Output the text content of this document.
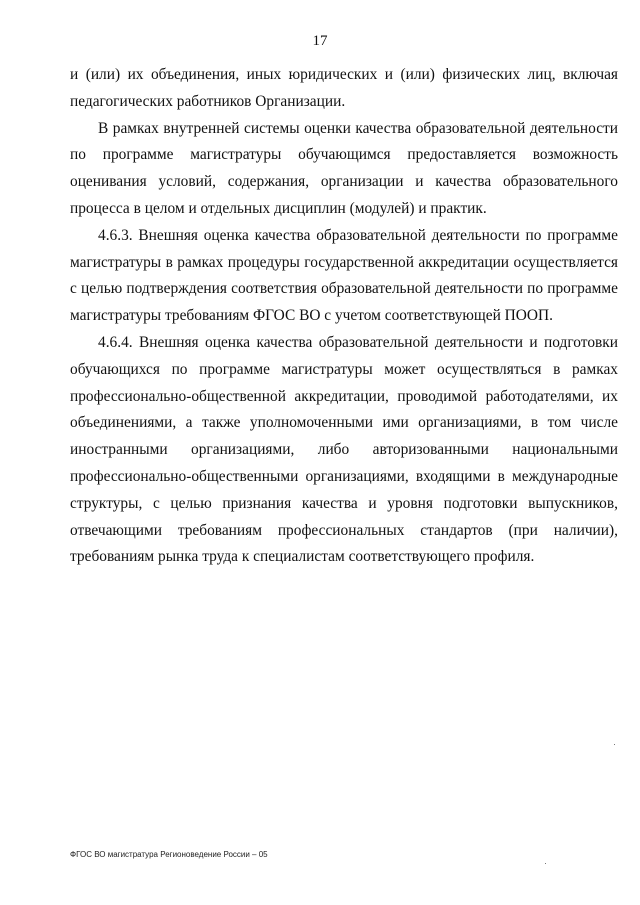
17

и (или) их объединения, иных юридических и (или) физических лиц, включая педагогических работников Организации.

В рамках внутренней системы оценки качества образовательной деятельности по программе магистратуры обучающимся предоставляется возможность оценивания условий, содержания, организации и качества образовательного процесса в целом и отдельных дисциплин (модулей) и практик.

4.6.3. Внешняя оценка качества образовательной деятельности по программе магистратуры в рамках процедуры государственной аккредитации осуществляется с целью подтверждения соответствия образовательной деятельности по программе магистратуры требованиям ФГОС ВО с учетом соответствующей ПООП.

4.6.4. Внешняя оценка качества образовательной деятельности и подготовки обучающихся по программе магистратуры может осуществляться в рамках профессионально-общественной аккредитации, проводимой работодателями, их объединениями, а также уполномоченными ими организациями, в том числе иностранными организациями, либо авторизованными национальными профессионально-общественными организациями, входящими в международные структуры, с целью признания качества и уровня подготовки выпускников, отвечающими требованиям профессиональных стандартов (при наличии), требованиям рынка труда к специалистам соответствующего профиля.

ФГОС ВО магистратура Регионоведение России – 05
